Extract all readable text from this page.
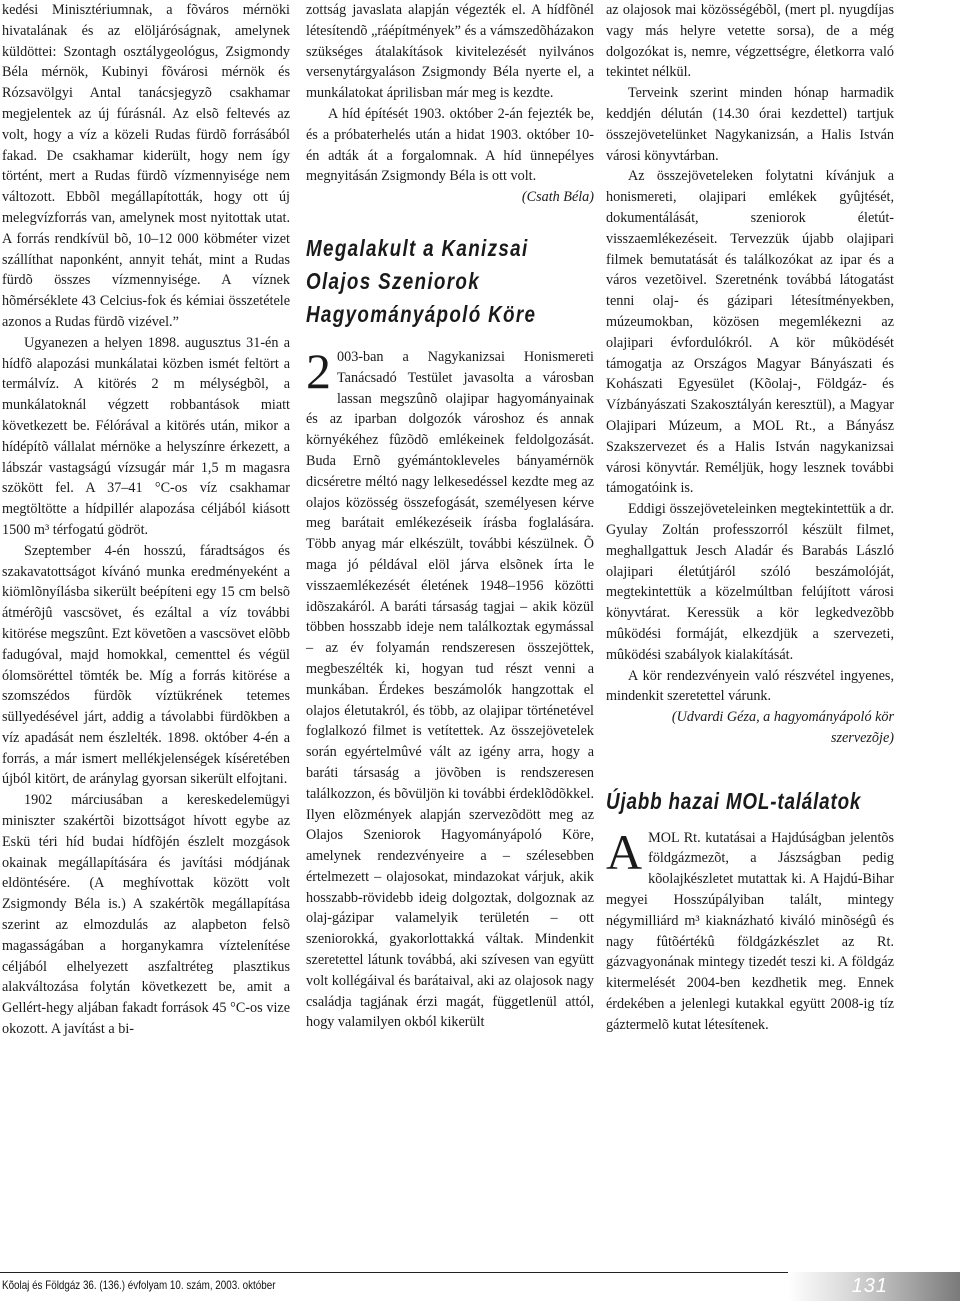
kedési Minisztériumnak, a fõváros mérnöki hivatalának és az elöljáróságnak, amelynek küldöttei: Szontagh osztálygeológus, Zsigmondy Béla mérnök, Kubinyi fõvárosi mérnök és Rózsavölgyi Antal tanácsjegyzõ csakhamar megjelentek az új fúrásnál. Az elsõ feltevés az volt, hogy a víz a közeli Rudas fürdõ forrásából fakad. De csakhamar kiderült, hogy nem így történt, mert a Rudas fürdõ vízmennyisége nem változott. Ebbõl megállapították, hogy ott új melegvízforrás van, amelynek most nyitottak utat. A forrás rendkívül bõ, 10–12 000 köbméter vizet szállíthat naponként, annyit tehát, mint a Rudas fürdõ összes vízmennyisége. A víznek hõmérséklete 43 Celcius-fok és kémiai összetétele azonos a Rudas fürdõ vizével.”

Ugyanezen a helyen 1898. augusztus 31-én a hídfõ alapozási munkálatai közben ismét feltört a termálvíz. A kitörés 2 m mélységbõl, a munkálatoknál végzett robbantások miatt következett be. Félórával a kitörés után, mikor a hídépítõ vállalat mérnöke a helyszínre érkezett, a lábszár vastagságú vízsugár már 1,5 m magasra szökött fel. A 37–41 °C-os víz csakhamar megtöltötte a hídpillér alapozása céljából kiásott 1500 m³ térfogatú gödröt.

Szeptember 4-én hosszú, fáradtságos és szakavatottságot kívánó munka eredményeként a kiömlõnyílásba sikerült beépíteni egy 15 cm belsõ átmérõjû vascsövet, és ezáltal a víz további kitörése megszûnt. Ezt követõen a vascsövet elõbb fadugóval, majd homokkal, cementtel és végül ólomsöréttel tömték be. Míg a forrás kitörése a szomszédos fürdõk víztükrének tetemes süllyedésével járt, addig a távolabbi fürdõkben a víz apadását nem észlelték. 1898. október 4-én a forrás, a már ismert mellékjelenségek kíséretében újból kitört, de aránylag gyorsan sikerült elfojtani.

1902 márciusában a kereskedelemügyi miniszter szakértõi bizottságot hívott egybe az Eskü téri híd budai hídfõjén észlelt mozgások okainak megállapítására és javítási módjának eldöntésére. (A meghívottak között volt Zsigmondy Béla is.) A szakértõk megállapítása szerint az elmozdulás az alapbeton felsõ magasságában a horganykamra víztelenítése céljából elhelyezett aszfaltréteg plasztikus alakváltozása folytán következett be, amit a Gellért-hegy aljában fakadt források 45 °C-os vize okozott. A javítást a bi-

zottság javaslata alapján végezték el. A hídfõnél létesítendõ „ráépítmények” és a vámszedõházakon szükséges átalakítások kivitelezését nyilvános versenytárgyaláson Zsigmondy Béla nyerte el, a munkálatokat áprilisban már meg is kezdte.

A híd építését 1903. október 2-án fejezték be, és a próbaterhelés után a hidat 1903. október 10-én adták át a forgalomnak. A híd ünnepélyes megnyitásán Zsigmondy Béla is ott volt.

(Csath Béla)

Megalakult a Kanizsai Olajos Szeniorok Hagyományápoló Köre

2 003-ban a Nagykanizsai Honismereti Tanácsadó Testület javasolta a városban lassan megszûnõ olajipar hagyományainak és az iparban dolgozók városhoz és annak környékéhez fûzõdõ emlékeinek feldolgozását. Buda Ernõ gyémántokleveles bányamérnök dicséretre méltó nagy lelkesedéssel kezdte meg az olajos közösség összefogását, személyesen kérve meg barátait emlékezéseik írásba foglalására. Több anyag már elkészült, további készülnek. Õ maga jó példával elöl járva elsõnek írta le visszaemlékezését életének 1948–1956 közötti idõszakáról. A baráti társaság tagjai – akik közül többen hosszabb ideje nem találkoztak egymással – az év folyamán rendszeresen összejöttek, megbeszélték ki, hogyan tud részt venni a munkában. Érdekes beszámolók hangzottak el olajos életutakról, és több, az olajipar történetével foglalkozó filmet is vetítettek. Az összejövetelek során egyértelmûvé vált az igény arra, hogy a baráti társaság a jövõben is rendszeresen találkozzon, és bõvüljön ki további érdeklõdõkkel. Ilyen elõzmények alapján szervezõdött meg az Olajos Szeniorok Hagyományápoló Köre, amelynek rendezvényeire a – szélesebben értelmezett – olajosokat, mindazokat várjuk, akik hosszabb-rövidebb ideig dolgoztak, dolgoznak az olaj-gázipar valamelyik területén – ott szeniorokká, gyakorlottakká váltak. Mindenkit szeretettel látunk továbbá, aki szívesen van együtt volt kollégáival és barátaival, aki az olajosok nagy családja tagjának érzi magát, függetlenül attól, hogy valamilyen okból kikerült

az olajosok mai közösségébõl, (mert pl. nyugdíjas vagy más helyre vetette sorsa), de a még dolgozókat is, nemre, végzettségre, életkorra való tekintet nélkül.

Terveink szerint minden hónap harmadik keddjén délután (14.30 órai kezdettel) tartjuk összejövetelünket Nagykanizsán, a Halis István városi könyvtárban.

Az összejöveteleken folytatni kívánjuk a honismereti, olajipari emlékek gyûjtését, dokumentálását, szeniorok életút-visszaemlékezéseit. Tervezzük újabb olajipari filmek bemutatását és találkozókat az ipar és a város vezetõivel. Szeretnénk továbbá látogatást tenni olaj- és gázipari létesítményekben, múzeumokban, közösen megemlékezni az olajipari évfordulókról. A kör mûködését támogatja az Országos Magyar Bányászati és Kohászati Egyesület (Kõolaj-, Földgáz- és Vízbányászati Szakosztályán keresztül), a Magyar Olajipari Múzeum, a MOL Rt., a Bányász Szakszervezet és a Halis István nagykanizsai városi könyvtár. Reméljük, hogy lesznek további támogatóink is.

Eddigi összejöveteleinken megtekintettük a dr. Gyulay Zoltán professzorról készült filmet, meghallgattuk Jesch Aladár és Barabás László olajipari életútjáról szóló beszámolóját, megtekintettük a közelmúltban felújított városi könyvtárat. Keressük a kör legkedvezõbb mûködési formáját, elkezdjük a szervezeti, mûködési szabályok kialakítását.

A kör rendezvényein való részvétel ingyenes, mindenkit szeretettel várunk.

(Udvardi Géza, a hagyományápoló kör szervezõje)

Újabb hazai MOL-találatok

AMOL Rt. kutatásai a Hajdúságban jelentõs földgázmezõt, a Jászságban pedig kõolajkészletet mutattak ki. A Hajdú-Bihar megyei Hosszúpályiban talált, mintegy négymilliárd m³ kiaknázható kiváló minõségû és nagy fûtõértékû földgázkészlet az Rt. gázvagyonának mintegy tizedét teszi ki. A földgáz kitermelését 2004-ben kezdhetik meg. Ennek érdekében a jelenlegi kutakkal együtt 2008-ig tíz gáztermelõ kutat létesítenek.

Kõolaj és Földgáz 36. (136.) évfolyam 10. szám, 2003. október	131
